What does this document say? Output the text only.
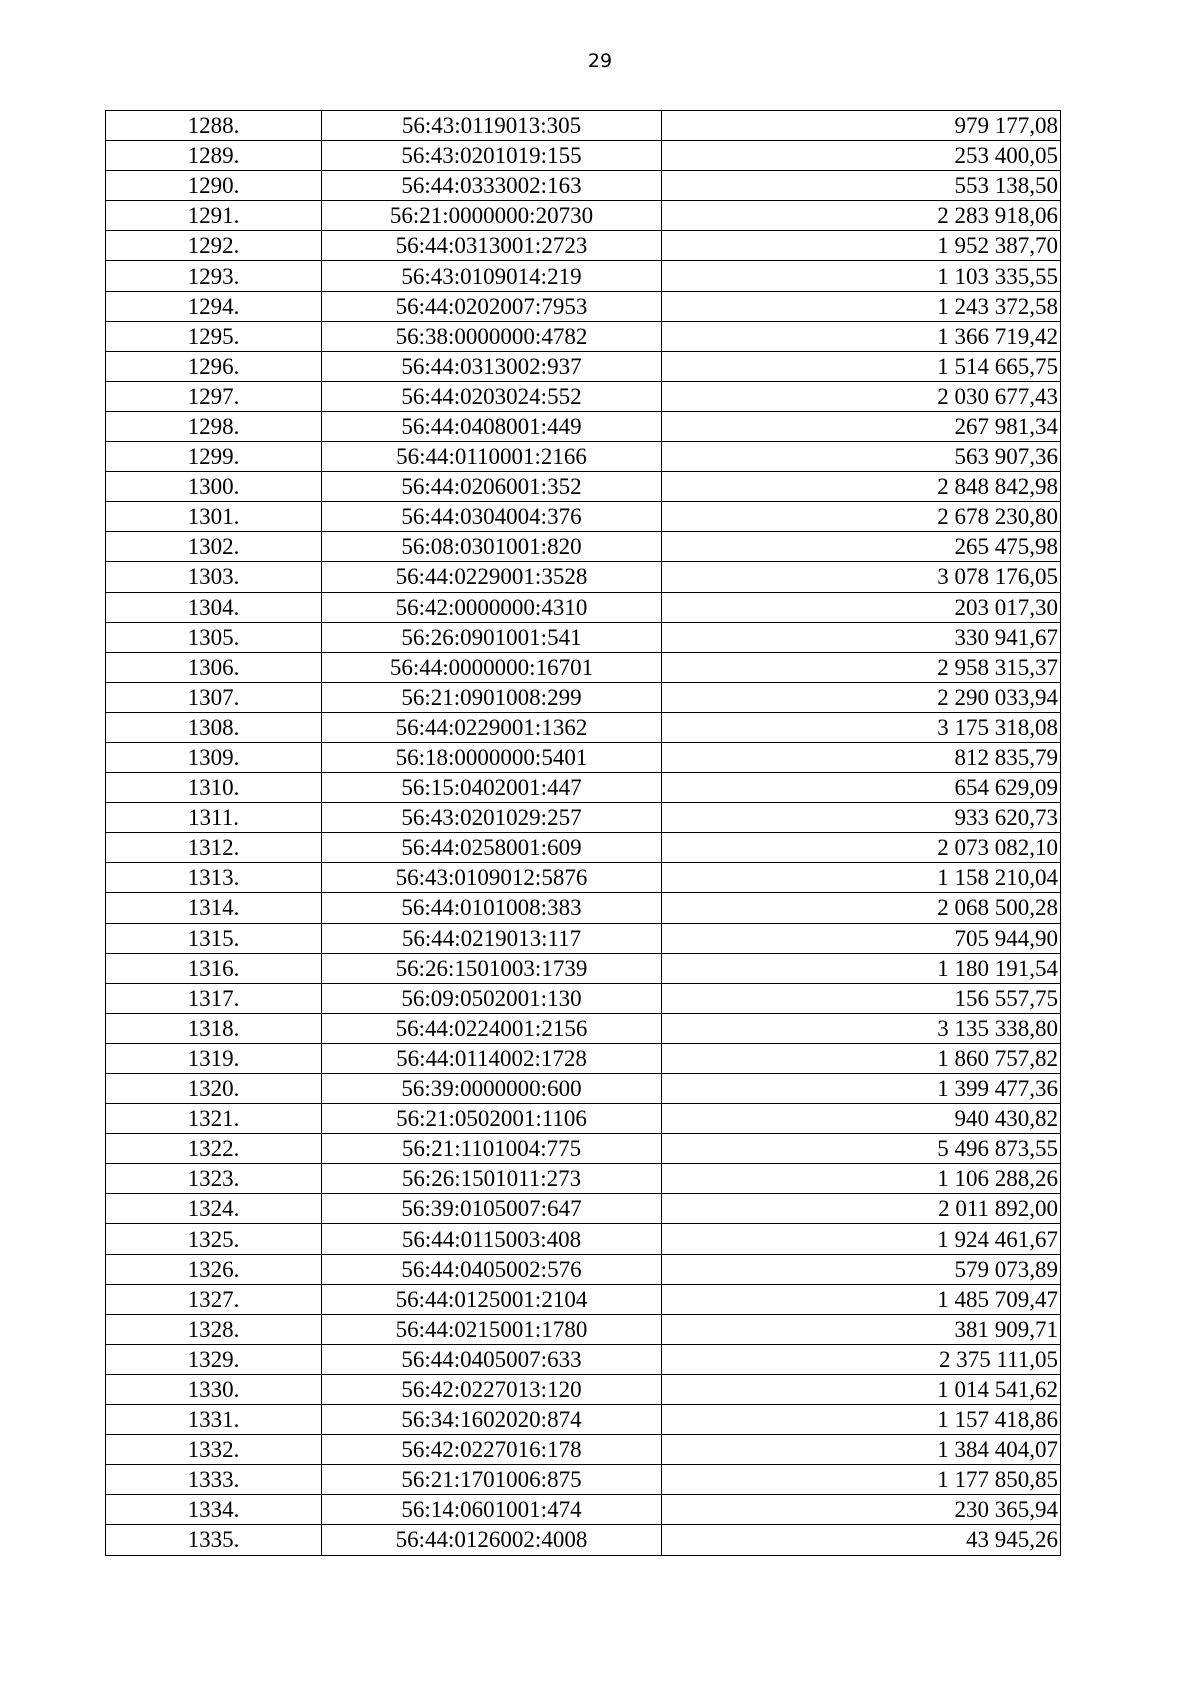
29
1288.	56:43:0119013:305	979 177,08
1289.	56:43:0201019:155	253 400,05
1290.	56:44:0333002:163	553 138,50
1291.	56:21:0000000:20730	2 283 918,06
1292.	56:44:0313001:2723	1 952 387,70
1293.	56:43:0109014:219	1 103 335,55
1294.	56:44:0202007:7953	1 243 372,58
1295.	56:38:0000000:4782	1 366 719,42
1296.	56:44:0313002:937	1 514 665,75
1297.	56:44:0203024:552	2 030 677,43
1298.	56:44:0408001:449	267 981,34
1299.	56:44:0110001:2166	563 907,36
1300.	56:44:0206001:352	2 848 842,98
1301.	56:44:0304004:376	2 678 230,80
1302.	56:08:0301001:820	265 475,98
1303.	56:44:0229001:3528	3 078 176,05
1304.	56:42:0000000:4310	203 017,30
1305.	56:26:0901001:541	330 941,67
1306.	56:44:0000000:16701	2 958 315,37
1307.	56:21:0901008:299	2 290 033,94
1308.	56:44:0229001:1362	3 175 318,08
1309.	56:18:0000000:5401	812 835,79
1310.	56:15:0402001:447	654 629,09
1311.	56:43:0201029:257	933 620,73
1312.	56:44:0258001:609	2 073 082,10
1313.	56:43:0109012:5876	1 158 210,04
1314.	56:44:0101008:383	2 068 500,28
1315.	56:44:0219013:117	705 944,90
1316.	56:26:1501003:1739	1 180 191,54
1317.	56:09:0502001:130	156 557,75
1318.	56:44:0224001:2156	3 135 338,80
1319.	56:44:0114002:1728	1 860 757,82
1320.	56:39:0000000:600	1 399 477,36
1321.	56:21:0502001:1106	940 430,82
1322.	56:21:1101004:775	5 496 873,55
1323.	56:26:1501011:273	1 106 288,26
1324.	56:39:0105007:647	2 011 892,00
1325.	56:44:0115003:408	1 924 461,67
1326.	56:44:0405002:576	579 073,89
1327.	56:44:0125001:2104	1 485 709,47
1328.	56:44:0215001:1780	381 909,71
1329.	56:44:0405007:633	2 375 111,05
1330.	56:42:0227013:120	1 014 541,62
1331.	56:34:1602020:874	1 157 418,86
1332.	56:42:0227016:178	1 384 404,07
1333.	56:21:1701006:875	1 177 850,85
1334.	56:14:0601001:474	230 365,94
1335.	56:44:0126002:4008	43 945,26
